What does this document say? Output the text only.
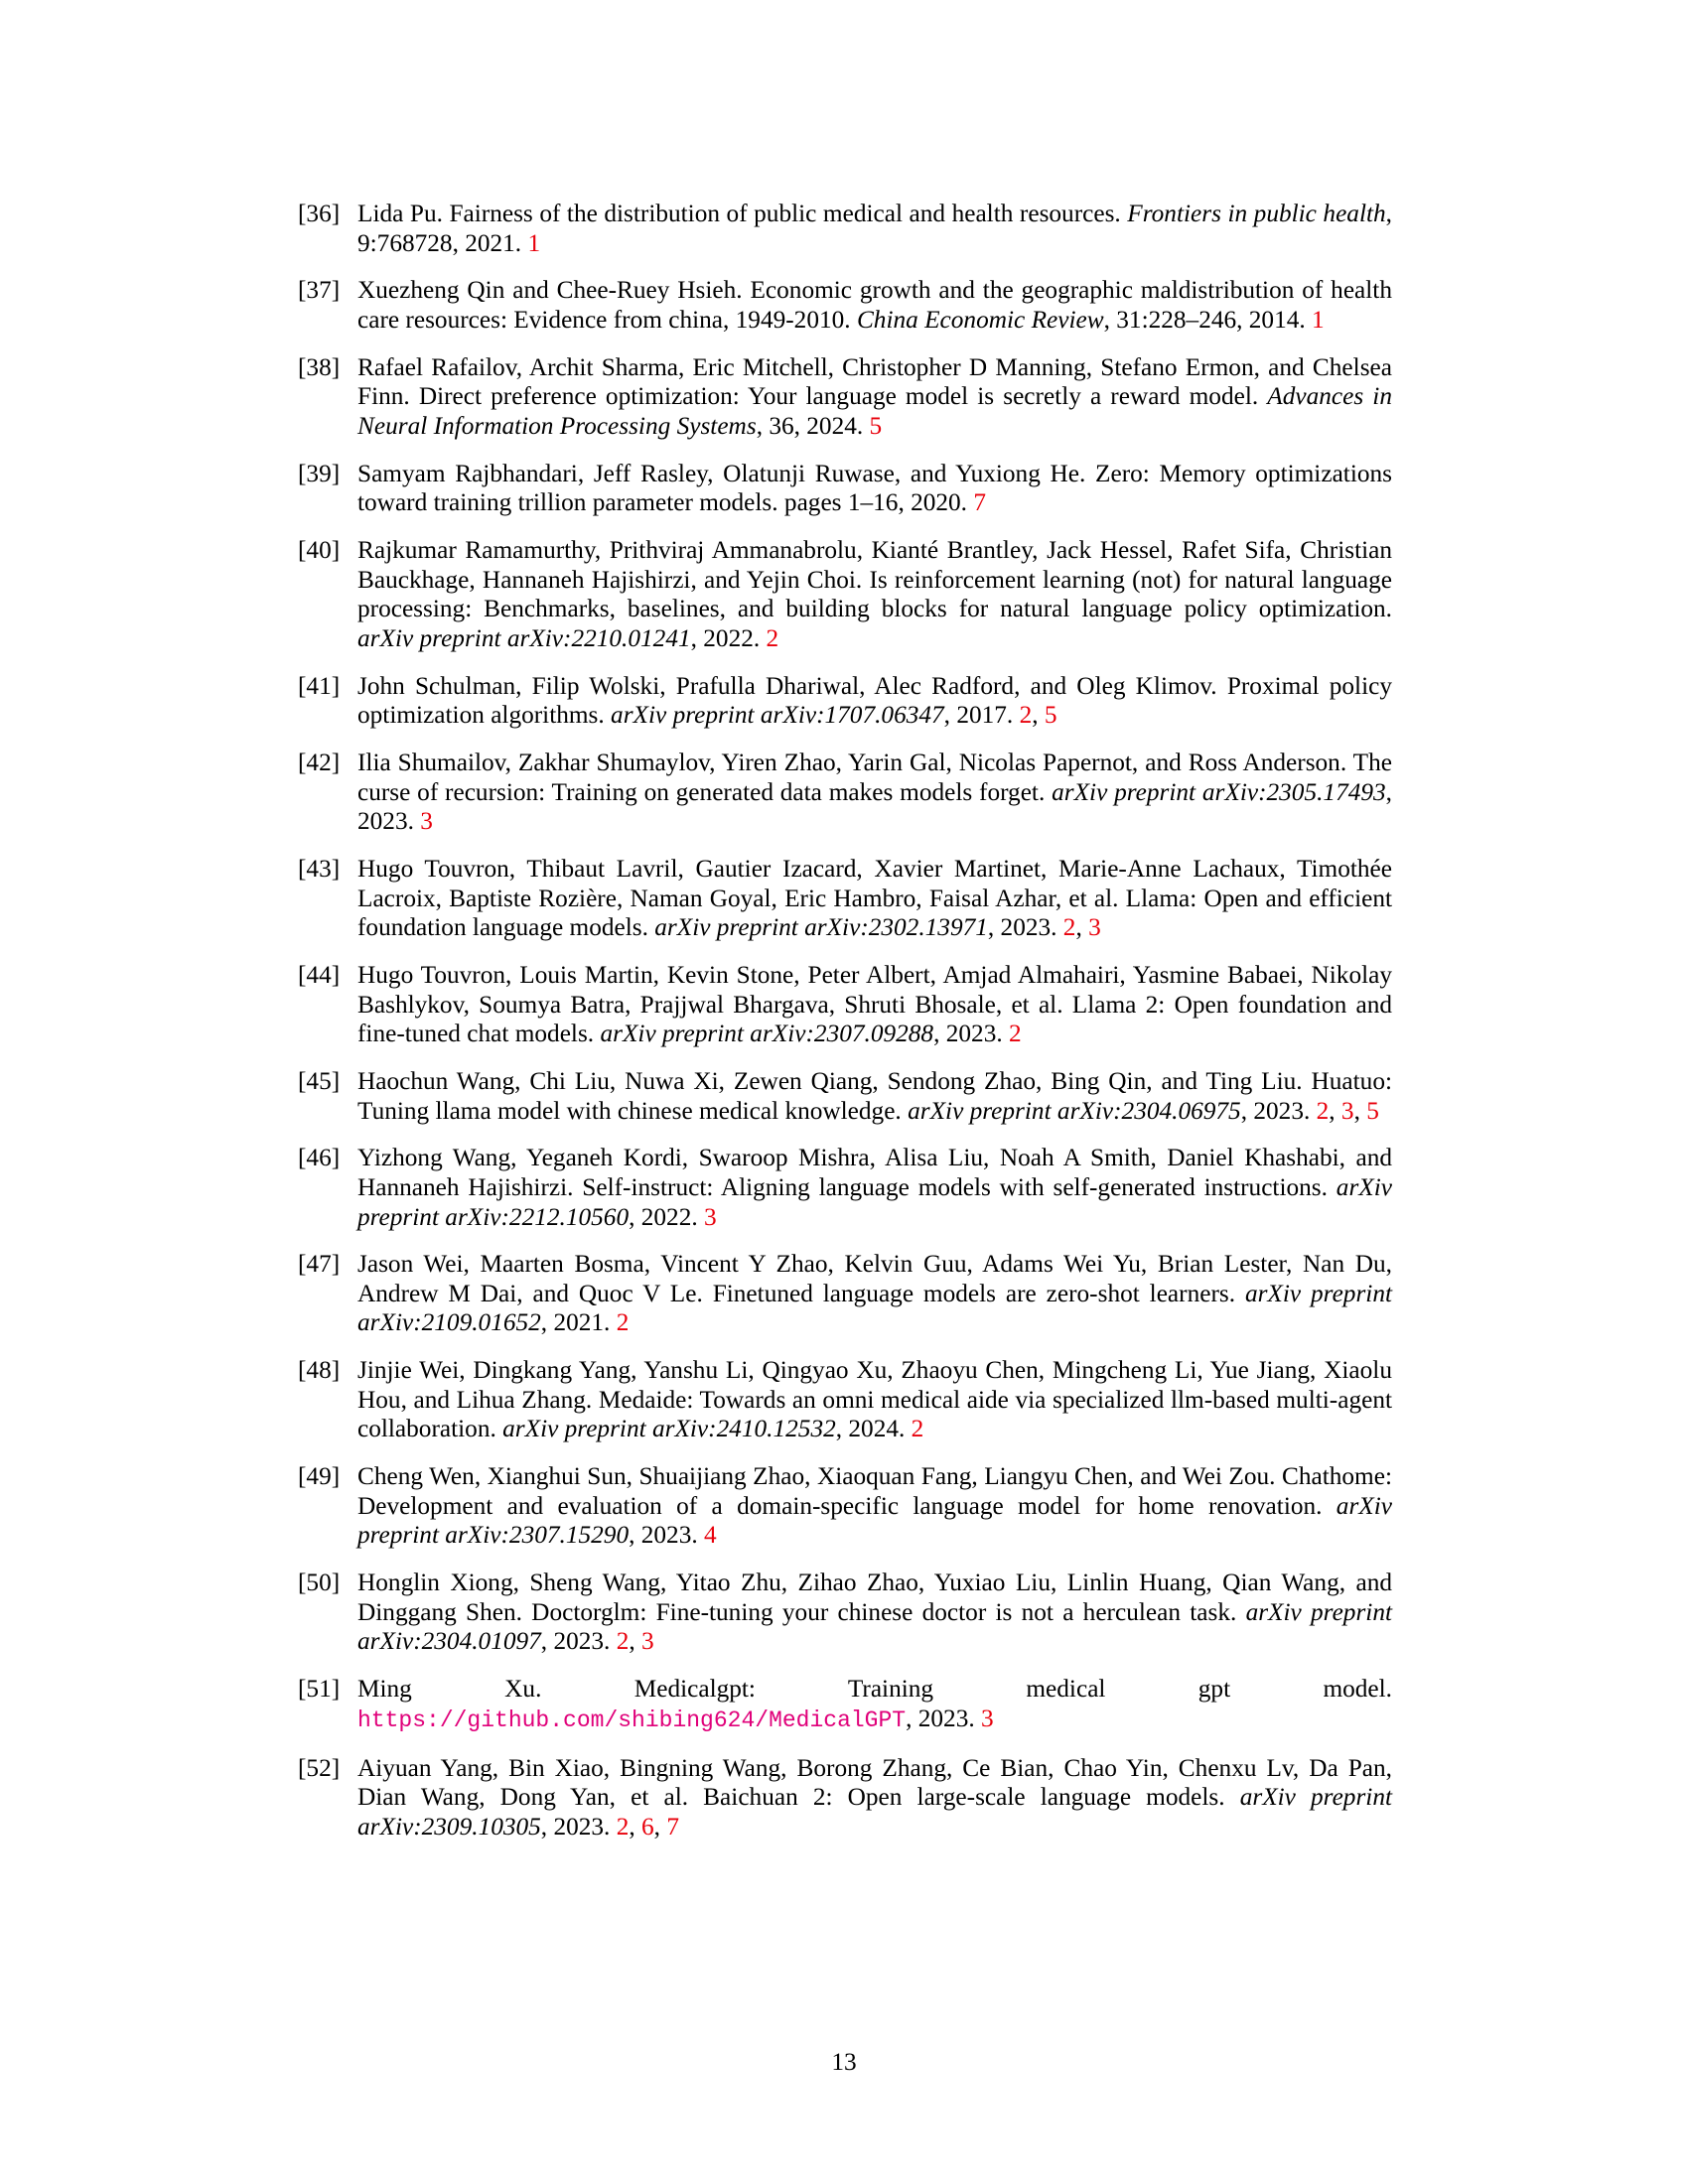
[36] Lida Pu. Fairness of the distribution of public medical and health resources. Frontiers in public health, 9:768728, 2021. 1
[37] Xuezheng Qin and Chee-Ruey Hsieh. Economic growth and the geographic maldistribution of health care resources: Evidence from china, 1949-2010. China Economic Review, 31:228–246, 2014. 1
[38] Rafael Rafailov, Archit Sharma, Eric Mitchell, Christopher D Manning, Stefano Ermon, and Chelsea Finn. Direct preference optimization: Your language model is secretly a reward model. Advances in Neural Information Processing Systems, 36, 2024. 5
[39] Samyam Rajbhandari, Jeff Rasley, Olatunji Ruwase, and Yuxiong He. Zero: Memory optimizations toward training trillion parameter models. pages 1–16, 2020. 7
[40] Rajkumar Ramamurthy, Prithviraj Ammanabrolu, Kianté Brantley, Jack Hessel, Rafet Sifa, Christian Bauckhage, Hannaneh Hajishirzi, and Yejin Choi. Is reinforcement learning (not) for natural language processing: Benchmarks, baselines, and building blocks for natural language policy optimization. arXiv preprint arXiv:2210.01241, 2022. 2
[41] John Schulman, Filip Wolski, Prafulla Dhariwal, Alec Radford, and Oleg Klimov. Proximal policy optimization algorithms. arXiv preprint arXiv:1707.06347, 2017. 2, 5
[42] Ilia Shumailov, Zakhar Shumaylov, Yiren Zhao, Yarin Gal, Nicolas Papernot, and Ross Anderson. The curse of recursion: Training on generated data makes models forget. arXiv preprint arXiv:2305.17493, 2023. 3
[43] Hugo Touvron, Thibaut Lavril, Gautier Izacard, Xavier Martinet, Marie-Anne Lachaux, Timothée Lacroix, Baptiste Rozière, Naman Goyal, Eric Hambro, Faisal Azhar, et al. Llama: Open and efficient foundation language models. arXiv preprint arXiv:2302.13971, 2023. 2, 3
[44] Hugo Touvron, Louis Martin, Kevin Stone, Peter Albert, Amjad Almahairi, Yasmine Babaei, Nikolay Bashlykov, Soumya Batra, Prajjwal Bhargava, Shruti Bhosale, et al. Llama 2: Open foundation and fine-tuned chat models. arXiv preprint arXiv:2307.09288, 2023. 2
[45] Haochun Wang, Chi Liu, Nuwa Xi, Zewen Qiang, Sendong Zhao, Bing Qin, and Ting Liu. Huatuo: Tuning llama model with chinese medical knowledge. arXiv preprint arXiv:2304.06975, 2023. 2, 3, 5
[46] Yizhong Wang, Yeganeh Kordi, Swaroop Mishra, Alisa Liu, Noah A Smith, Daniel Khashabi, and Hannaneh Hajishirzi. Self-instruct: Aligning language models with self-generated instructions. arXiv preprint arXiv:2212.10560, 2022. 3
[47] Jason Wei, Maarten Bosma, Vincent Y Zhao, Kelvin Guu, Adams Wei Yu, Brian Lester, Nan Du, Andrew M Dai, and Quoc V Le. Finetuned language models are zero-shot learners. arXiv preprint arXiv:2109.01652, 2021. 2
[48] Jinjie Wei, Dingkang Yang, Yanshu Li, Qingyao Xu, Zhaoyu Chen, Mingcheng Li, Yue Jiang, Xiaolu Hou, and Lihua Zhang. Medaide: Towards an omni medical aide via specialized llm-based multi-agent collaboration. arXiv preprint arXiv:2410.12532, 2024. 2
[49] Cheng Wen, Xianghui Sun, Shuaijiang Zhao, Xiaoquan Fang, Liangyu Chen, and Wei Zou. Chathome: Development and evaluation of a domain-specific language model for home renovation. arXiv preprint arXiv:2307.15290, 2023. 4
[50] Honglin Xiong, Sheng Wang, Yitao Zhu, Zihao Zhao, Yuxiao Liu, Linlin Huang, Qian Wang, and Dinggang Shen. Doctorglm: Fine-tuning your chinese doctor is not a herculean task. arXiv preprint arXiv:2304.01097, 2023. 2, 3
[51] Ming Xu. Medicalgpt: Training medical gpt model. https://github.com/shibing624/MedicalGPT, 2023. 3
[52] Aiyuan Yang, Bin Xiao, Bingning Wang, Borong Zhang, Ce Bian, Chao Yin, Chenxu Lv, Da Pan, Dian Wang, Dong Yan, et al. Baichuan 2: Open large-scale language models. arXiv preprint arXiv:2309.10305, 2023. 2, 6, 7
13
